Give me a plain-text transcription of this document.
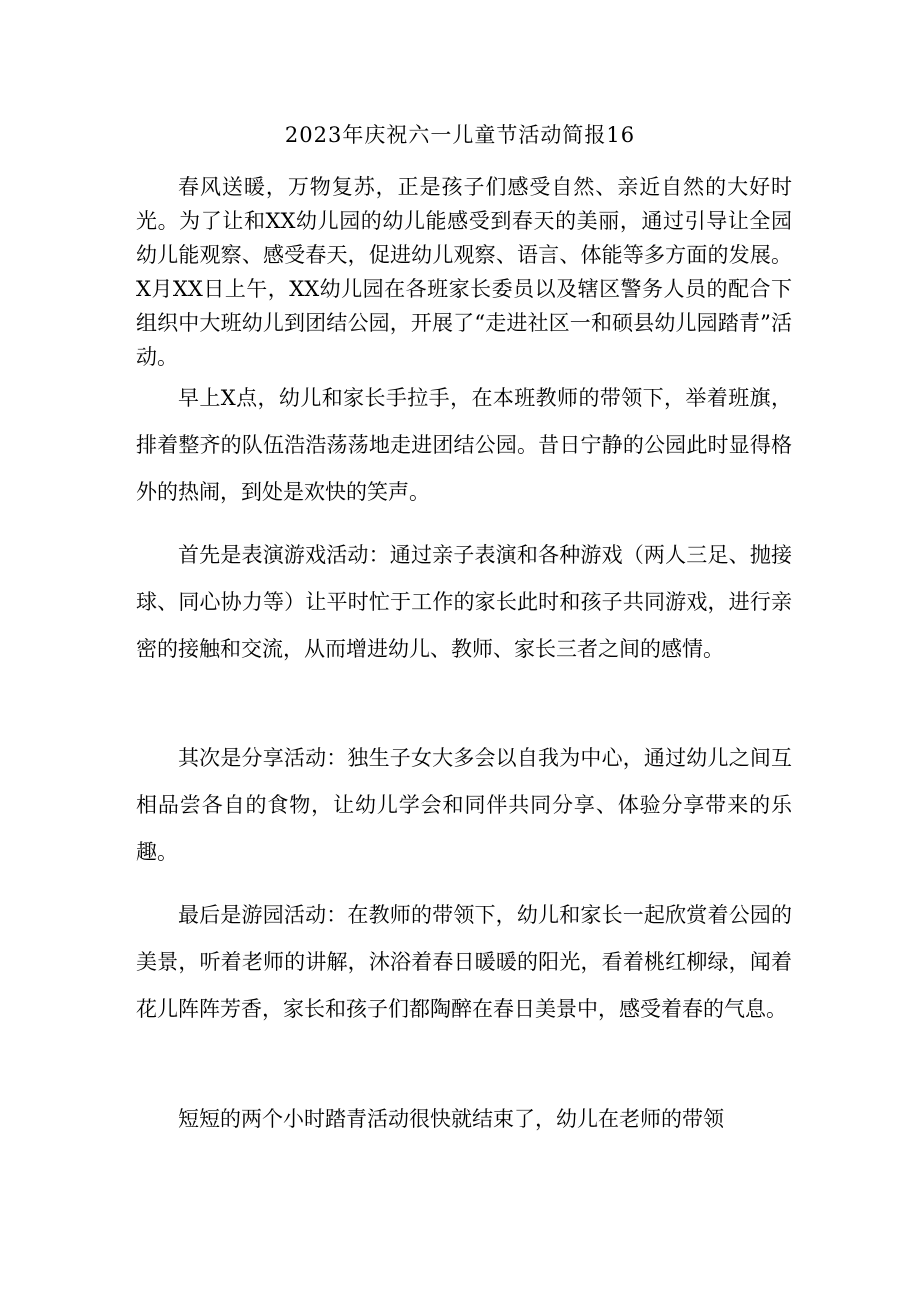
2023年庆祝六一儿童节活动简报16

春风送暖，万物复苏，正是孩子们感受自然、亲近自然的大好时光。为了让和XX幼儿园的幼儿能感受到春天的美丽，通过引导让全园幼儿能观察、感受春天，促进幼儿观察、语言、体能等多方面的发展。X月XX日上午，XX幼儿园在各班家长委员以及辖区警务人员的配合下组织中大班幼儿到团结公园，开展了“走进社区一和硕县幼儿园踏青”活动。

早上X点，幼儿和家长手拉手，在本班教师的带领下，举着班旗，排着整齐的队伍浩浩荡荡地走进团结公园。昔日宁静的公园此时显得格外的热闹，到处是欢快的笑声。

首先是表演游戏活动：通过亲子表演和各种游戏（两人三足、抛接球、同心协力等）让平时忙于工作的家长此时和孩子共同游戏，进行亲密的接触和交流，从而增进幼儿、教师、家长三者之间的感情。

其次是分享活动：独生子女大多会以自我为中心，通过幼儿之间互相品尝各自的食物，让幼儿学会和同伴共同分享、体验分享带来的乐趣。

最后是游园活动：在教师的带领下，幼儿和家长一起欣赏着公园的美景，听着老师的讲解，沐浴着春日暖暖的阳光，看着桃红柳绿，闻着花儿阵阵芳香，家长和孩子们都陶醉在春日美景中，感受着春的气息。

短短的两个小时踏青活动很快就结束了，幼儿在老师的带领
